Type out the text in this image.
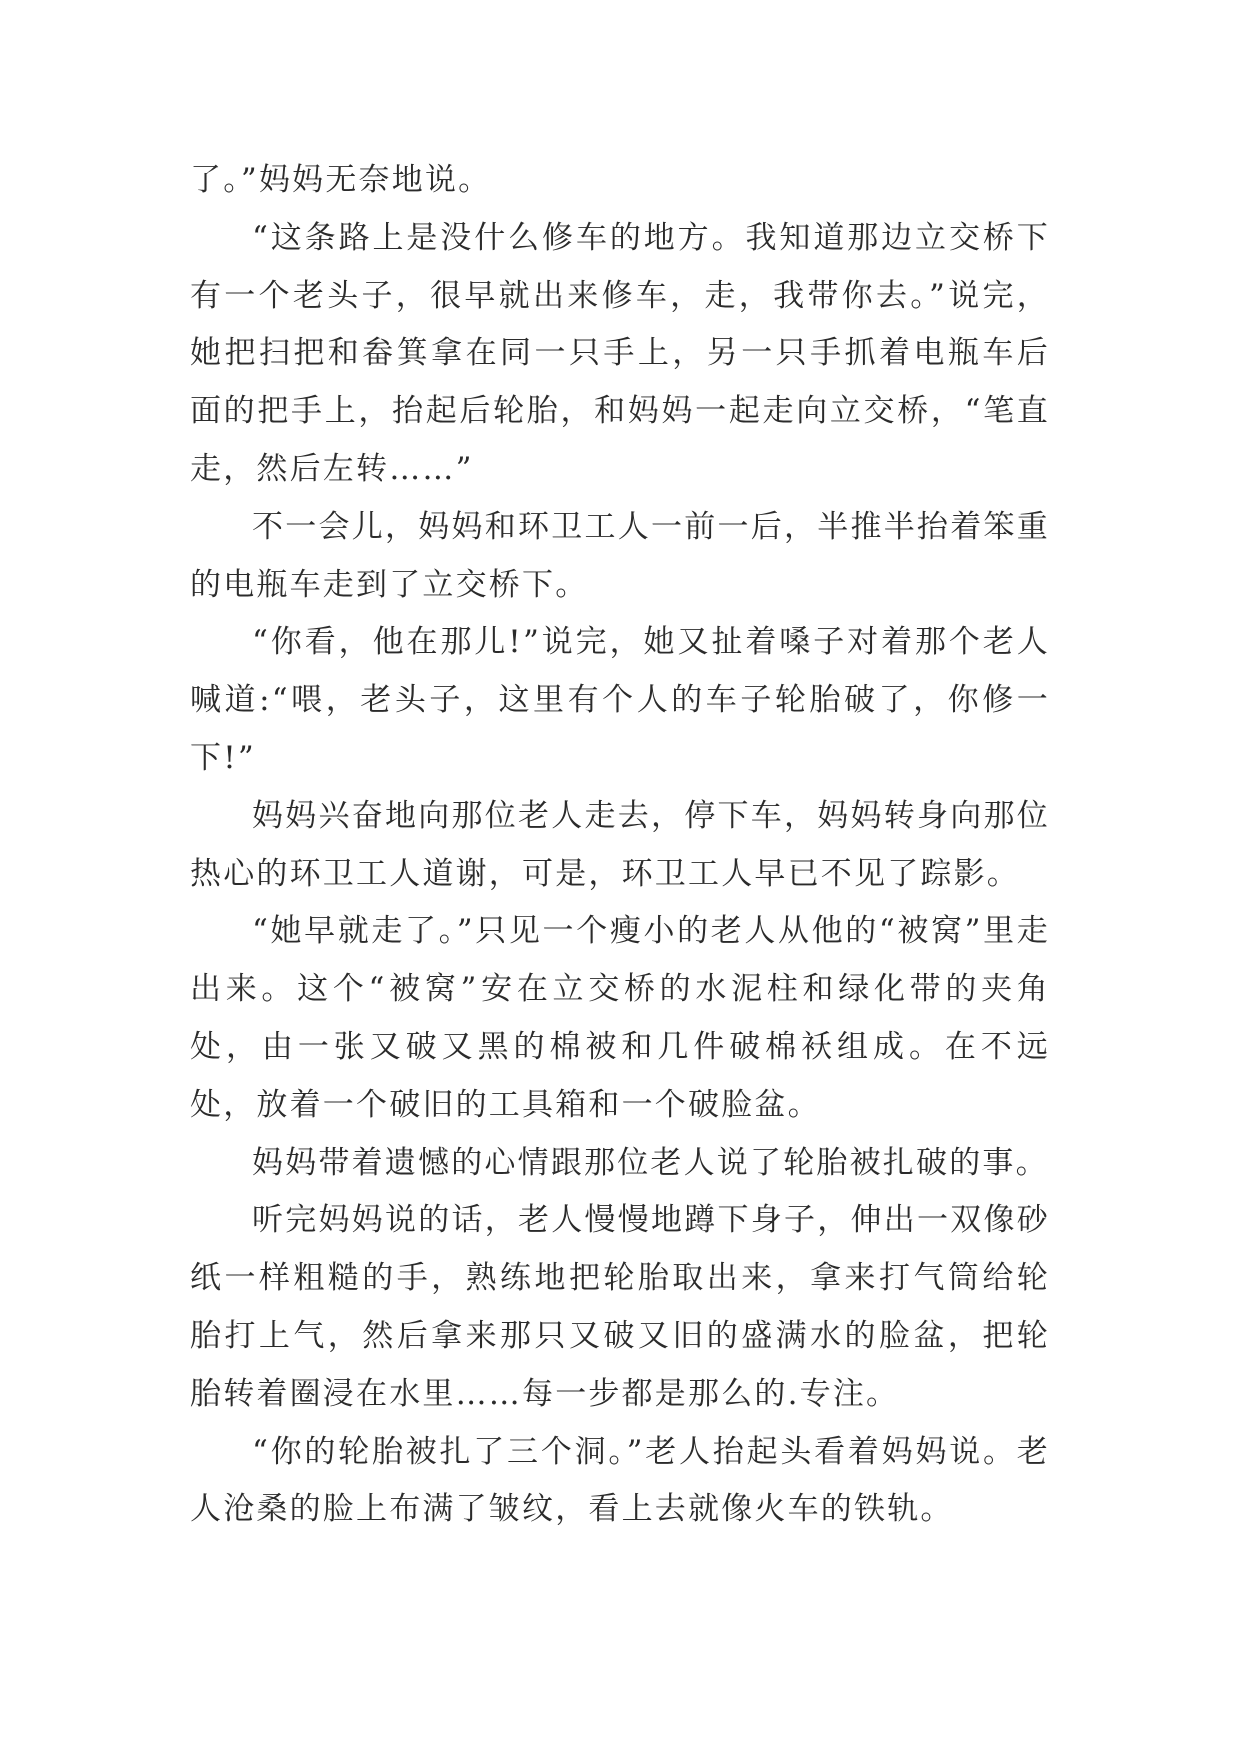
了。”妈妈无奈地说。

“这条路上是没什么修车的地方。我知道那边立交桥下有一个老头子，很早就出来修车，走，我带你去。”说完，她把扫把和畚箕拿在同一只手上，另一只手抓着电瓶车后面的把手上，抬起后轮胎，和妈妈一起走向立交桥，“笔直走，然后左转……”

不一会儿，妈妈和环卫工人一前一后，半推半抬着笨重的电瓶车走到了立交桥下。

“你看，他在那儿!”说完，她又扯着嗓子对着那个老人喊道:“喂，老头子，这里有个人的车子轮胎破了，你修一下!”

妈妈兴奋地向那位老人走去，停下车，妈妈转身向那位热心的环卫工人道谢，可是，环卫工人早已不见了踪影。

“她早就走了。”只见一个瘦小的老人从他的“被窝”里走出来。这个“被窝”安在立交桥的水泥柱和绿化带的夹角处，由一张又破又黑的棉被和几件破棉袄组成。在不远处，放着一个破旧的工具箱和一个破脸盆。

妈妈带着遗憾的心情跟那位老人说了轮胎被扎破的事。

听完妈妈说的话，老人慢慢地蹲下身子，伸出一双像砂纸一样粗糙的手，熟练地把轮胎取出来，拿来打气筒给轮胎打上气，然后拿来那只又破又旧的盛满水的脸盆，把轮胎转着圈浸在水里……每一步都是那么的.专注。

“你的轮胎被扎了三个洞。”老人抬起头看着妈妈说。老人沧桑的脸上布满了皱纹，看上去就像火车的铁轨。
